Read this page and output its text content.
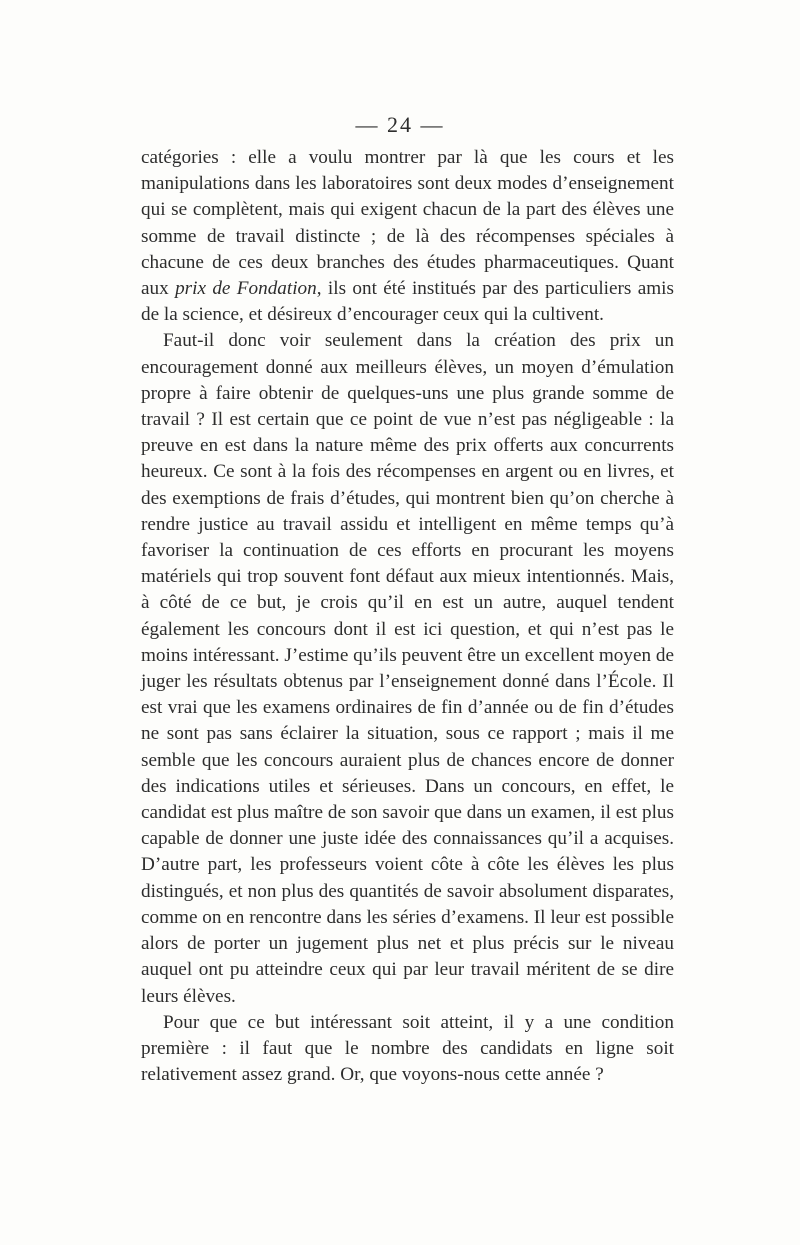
— 24 —

catégories : elle a voulu montrer par là que les cours et les manipulations dans les laboratoires sont deux modes d’enseignement qui se complètent, mais qui exigent chacun de la part des élèves une somme de travail distincte ; de là des récompenses spéciales à chacune de ces deux branches des études pharmaceutiques. Quant aux prix de Fondation, ils ont été institués par des particuliers amis de la science, et désireux d’encourager ceux qui la cultivent.

Faut-il donc voir seulement dans la création des prix un encouragement donné aux meilleurs élèves, un moyen d’émulation propre à faire obtenir de quelques-uns une plus grande somme de travail ? Il est certain que ce point de vue n’est pas négligeable : la preuve en est dans la nature même des prix offerts aux concurrents heureux. Ce sont à la fois des récompenses en argent ou en livres, et des exemptions de frais d’études, qui montrent bien qu’on cherche à rendre justice au travail assidu et intelligent en même temps qu’à favoriser la continuation de ces efforts en procurant les moyens matériels qui trop souvent font défaut aux mieux intentionnés. Mais, à côté de ce but, je crois qu’il en est un autre, auquel tendent également les concours dont il est ici question, et qui n’est pas le moins intéressant. J’estime qu’ils peuvent être un excellent moyen de juger les résultats obtenus par l’enseignement donné dans l’École. Il est vrai que les examens ordinaires de fin d’année ou de fin d’études ne sont pas sans éclairer la situation, sous ce rapport ; mais il me semble que les concours auraient plus de chances encore de donner des indications utiles et sérieuses. Dans un concours, en effet, le candidat est plus maître de son savoir que dans un examen, il est plus capable de donner une juste idée des connaissances qu’il a acquises. D’autre part, les professeurs voient côte à côte les élèves les plus distingués, et non plus des quantités de savoir absolument disparates, comme on en rencontre dans les séries d’examens. Il leur est possible alors de porter un jugement plus net et plus précis sur le niveau auquel ont pu atteindre ceux qui par leur travail méritent de se dire leurs élèves.

Pour que ce but intéressant soit atteint, il y a une condition première : il faut que le nombre des candidats en ligne soit relativement assez grand. Or, que voyons-nous cette année ?
